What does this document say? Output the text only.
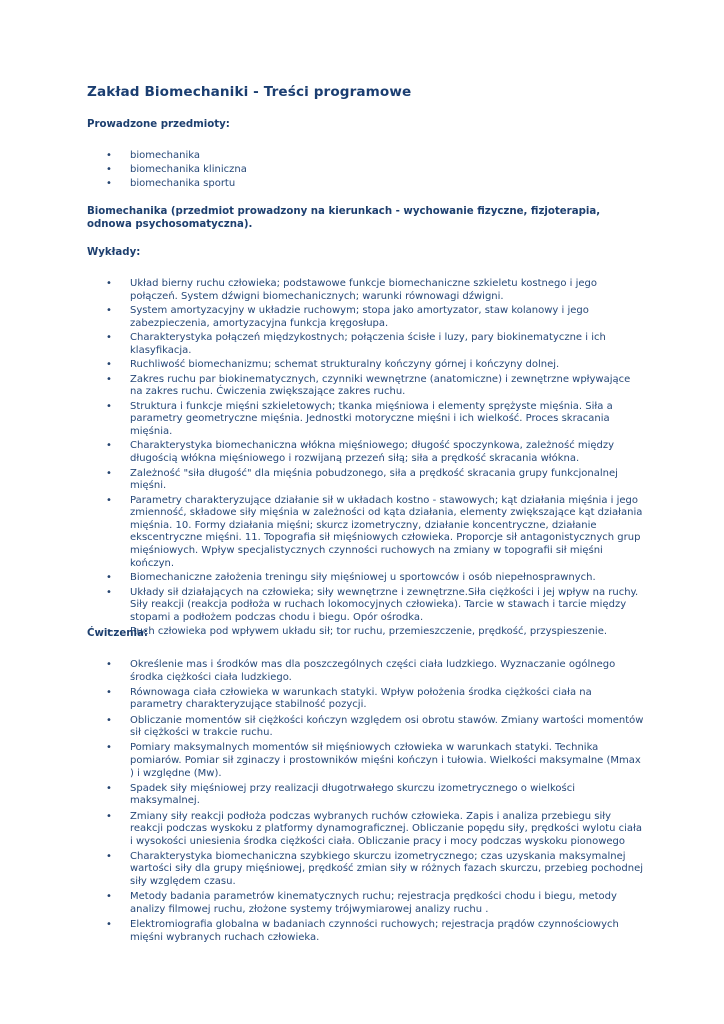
Zakład Biomechaniki - Treści programowe

Prowadzone przedmioty:

• biomechanika
• biomechanika kliniczna
• biomechanika sportu

Biomechanika (przedmiot prowadzony na kierunkach - wychowanie fizyczne, fizjoterapia, odnowa psychosomatyczna).

Wykłady:

• Układ bierny ruchu człowieka; podstawowe funkcje biomechaniczne szkieletu kostnego i jego połączeń. System dźwigni biomechanicznych; warunki równowagi dźwigni.
• System amortyzacyjny w układzie ruchowym; stopa jako amortyzator, staw kolanowy i jego zabezpieczenia, amortyzacyjna funkcja kręgosłupa.
• Charakterystyka połączeń międzykostnych; połączenia ścisłe i luzy, pary biokinematyczne i ich klasyfikacja.
• Ruchliwość biomechanizmu; schemat strukturalny kończyny górnej i kończyny dolnej.
• Zakres ruchu par biokinematycznych, czynniki wewnętrzne (anatomiczne) i zewnętrzne wpływające na zakres ruchu. Ćwiczenia zwiększające zakres ruchu.
• Struktura i funkcje mięśni szkieletowych; tkanka mięśniowa i elementy sprężyste mięśnia. Siła a parametry geometryczne mięśnia. Jednostki motoryczne mięśni i ich wielkość. Proces skracania mięśnia.
• Charakterystyka biomechaniczna włókna mięśniowego; długość spoczynkowa, zależność między długością włókna mięśniowego i rozwijaną przezeń siłą; siła a prędkość skracania włókna.
• Zależność "siła długość" dla mięśnia pobudzonego, siła a prędkość skracania grupy funkcjonalnej mięśni.
• Parametry charakteryzujące działanie sił w układach kostno - stawowych; kąt działania mięśnia i jego zmienność, składowe siły mięśnia w zależności od kąta działania, elementy zwiększające kąt działania mięśnia. 10. Formy działania mięśni; skurcz izometryczny, działanie koncentryczne, działanie ekscentryczne mięśni. 11. Topografia sił mięśniowych człowieka. Proporcje sił antagonistycznych grup mięśniowych. Wpływ specjalistycznych czynności ruchowych na zmiany w topografii sił mięśni kończyn.
• Biomechaniczne założenia treningu siły mięśniowej u sportowców i osób niepełnosprawnych.
• Układy sił działających na człowieka; siły wewnętrzne i zewnętrzne.Siła ciężkości i jej wpływ na ruchy. Siły reakcji (reakcja podłoża w ruchach lokomocyjnych człowieka). Tarcie w stawach i tarcie między stopami a podłożem podczas chodu i biegu. Opór ośrodka.
• Ruch człowieka pod wpływem układu sił; tor ruchu, przemieszczenie, prędkość, przyspieszenie.

Ćwiczenia:

• Określenie mas i środków mas dla poszczególnych części ciała ludzkiego. Wyznaczanie ogólnego środka ciężkości ciała ludzkiego.
• Równowaga ciała człowieka w warunkach statyki. Wpływ położenia środka ciężkości ciała na parametry charakteryzujące stabilność pozycji.
• Obliczanie momentów sił ciężkości kończyn względem osi obrotu stawów. Zmiany wartości momentów sił ciężkości w trakcie ruchu.
• Pomiary maksymalnych momentów sił mięśniowych człowieka w warunkach statyki. Technika pomiarów. Pomiar sił zginaczy i prostowników mięśni kończyn i tułowia. Wielkości maksymalne (Mmax ) i względne (Mw).
• Spadek siły mięśniowej przy realizacji długotrwałego skurczu izometrycznego o wielkości maksymalnej.
• Zmiany siły reakcji podłoża podczas wybranych ruchów człowieka. Zapis i analiza przebiegu siły reakcji podczas wyskoku z platformy dynamograficznej. Obliczanie popędu siły, prędkości wylotu ciała i wysokości uniesienia środka ciężkości ciała. Obliczanie pracy i mocy podczas wyskoku pionowego
• Charakterystyka biomechaniczna szybkiego skurczu izometrycznego; czas uzyskania maksymalnej wartości siły dla grupy mięśniowej, prędkość zmian siły w różnych fazach skurczu, przebieg pochodnej siły względem czasu.
• Metody badania parametrów kinematycznych ruchu; rejestracja prędkości chodu i biegu, metody analizy filmowej ruchu, złożone systemy trójwymiarowej analizy ruchu .
• Elektromiografia globalna w badaniach czynności ruchowych; rejestracja prądów czynnościowych mięśni wybranych ruchach człowieka.
